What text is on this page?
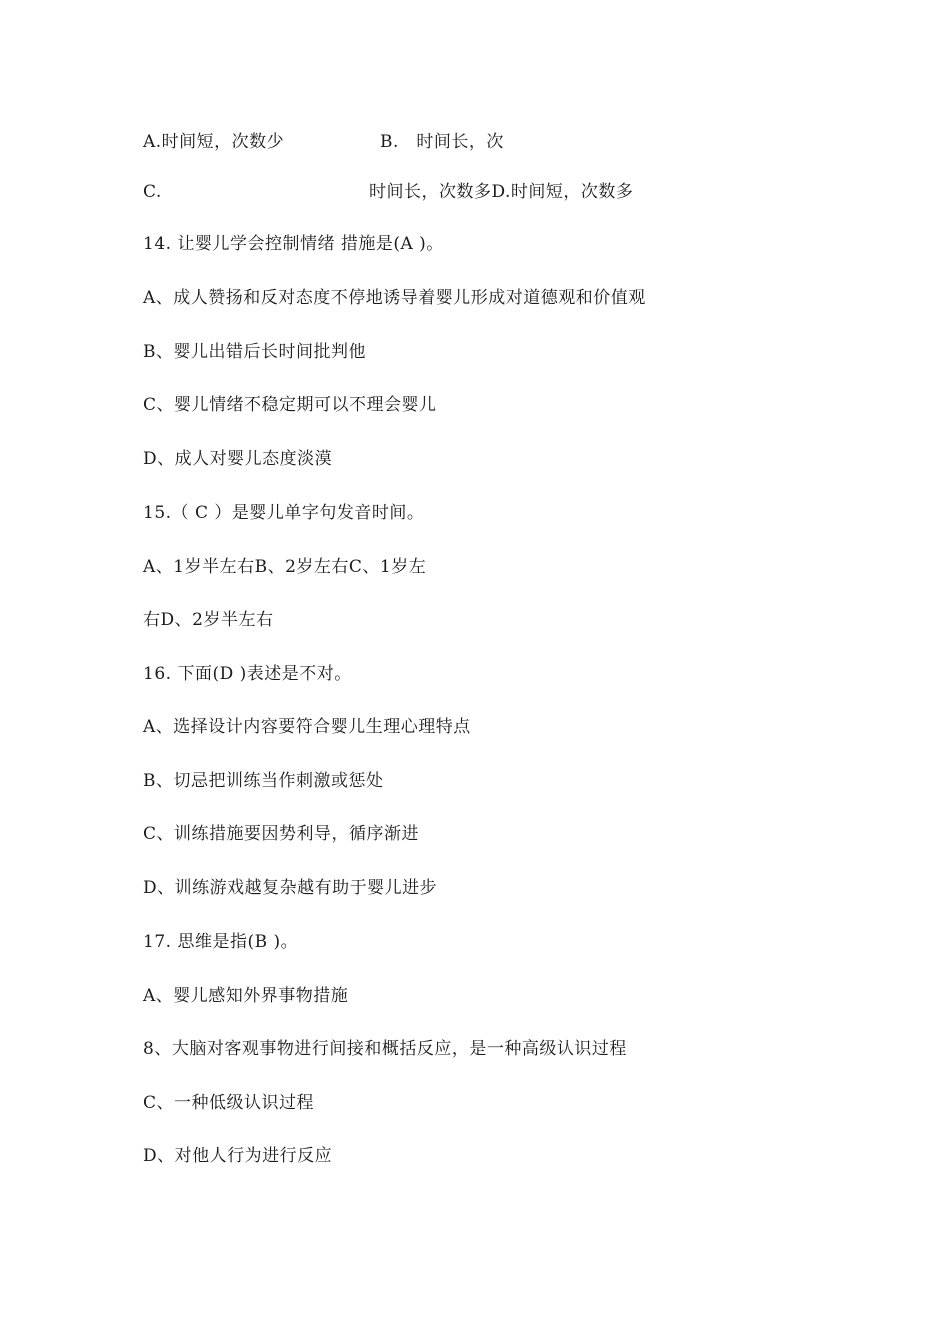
A.时间短，次数少	B.　时间长，次
C.	时间长，次数多D.时间短，次数多
14. 让婴儿学会控制情绪 措施是(A )。
A、成人赞扬和反对态度不停地诱导着婴儿形成对道德观和价值观
B、婴儿出错后长时间批判他
C、婴儿情绪不稳定期可以不理会婴儿
D、成人对婴儿态度淡漠
15.（ C ）是婴儿单字句发音时间。
A、1岁半左右B、2岁左右C、1岁左
右D、2岁半左右
16. 下面(D )表述是不对。
A、选择设计内容要符合婴儿生理心理特点
B、切忌把训练当作刺激或惩处
C、训练措施要因势利导，循序渐进
D、训练游戏越复杂越有助于婴儿进步
17. 思维是指(B )。
A、婴儿感知外界事物措施
8、大脑对客观事物进行间接和概括反应，是一种高级认识过程
C、一种低级认识过程
D、对他人行为进行反应
